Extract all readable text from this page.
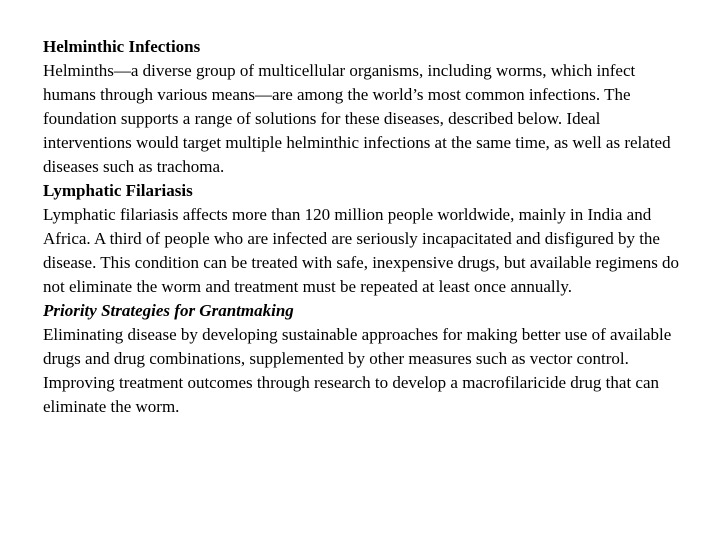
Helminthic Infections

Helminths—a diverse group of multicellular organisms, including worms, which infect humans through various means—are among the world’s most common infections. The foundation supports a range of solutions for these diseases, described below. Ideal interventions would target multiple helminthic infections at the same time, as well as related diseases such as trachoma.

Lymphatic Filariasis

Lymphatic filariasis affects more than 120 million people worldwide, mainly in India and Africa. A third of people who are infected are seriously incapacitated and disfigured by the disease. This condition can be treated with safe, inexpensive drugs, but available regimens do not eliminate the worm and treatment must be repeated at least once annually.

Priority Strategies for Grantmaking

Eliminating disease by developing sustainable approaches for making better use of available drugs and drug combinations, supplemented by other measures such as vector control.

Improving treatment outcomes through research to develop a macrofilaricide drug that can eliminate the worm.
